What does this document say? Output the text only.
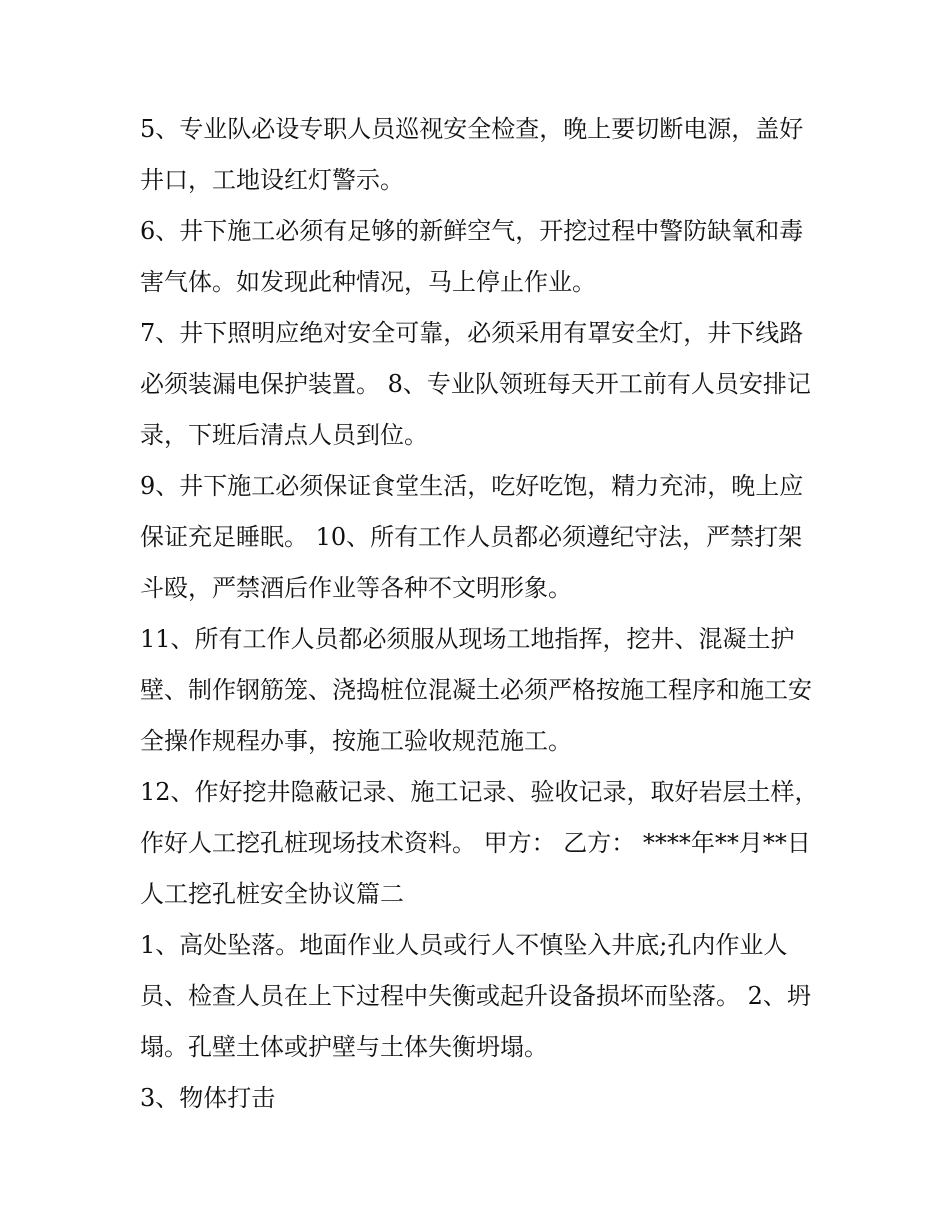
5、专业队必设专职人员巡视安全检查，晚上要切断电源，盖好井口，工地设红灯警示。

6、井下施工必须有足够的新鲜空气，开挖过程中警防缺氧和毒害气体。如发现此种情况，马上停止作业。

7、井下照明应绝对安全可靠，必须采用有罩安全灯，井下线路必须装漏电保护装置。 8、专业队领班每天开工前有人员安排记录，下班后清点人员到位。

9、井下施工必须保证食堂生活，吃好吃饱，精力充沛，晚上应保证充足睡眠。 10、所有工作人员都必须遵纪守法，严禁打架斗殴，严禁酒后作业等各种不文明形象。

11、所有工作人员都必须服从现场工地指挥，挖井、混凝土护壁、制作钢筋笼、浇捣桩位混凝土必须严格按施工程序和施工安全操作规程办事，按施工验收规范施工。

12、作好挖井隐蔽记录、施工记录、验收记录，取好岩层土样，作好人工挖孔桩现场技术资料。 甲方： 乙方： ****年**月**日 人工挖孔桩安全协议篇二

1、高处坠落。地面作业人员或行人不慎坠入井底;孔内作业人员、检查人员在上下过程中失衡或起升设备损坏而坠落。 2、坍塌。孔壁土体或护壁与土体失衡坍塌。

3、物体打击
